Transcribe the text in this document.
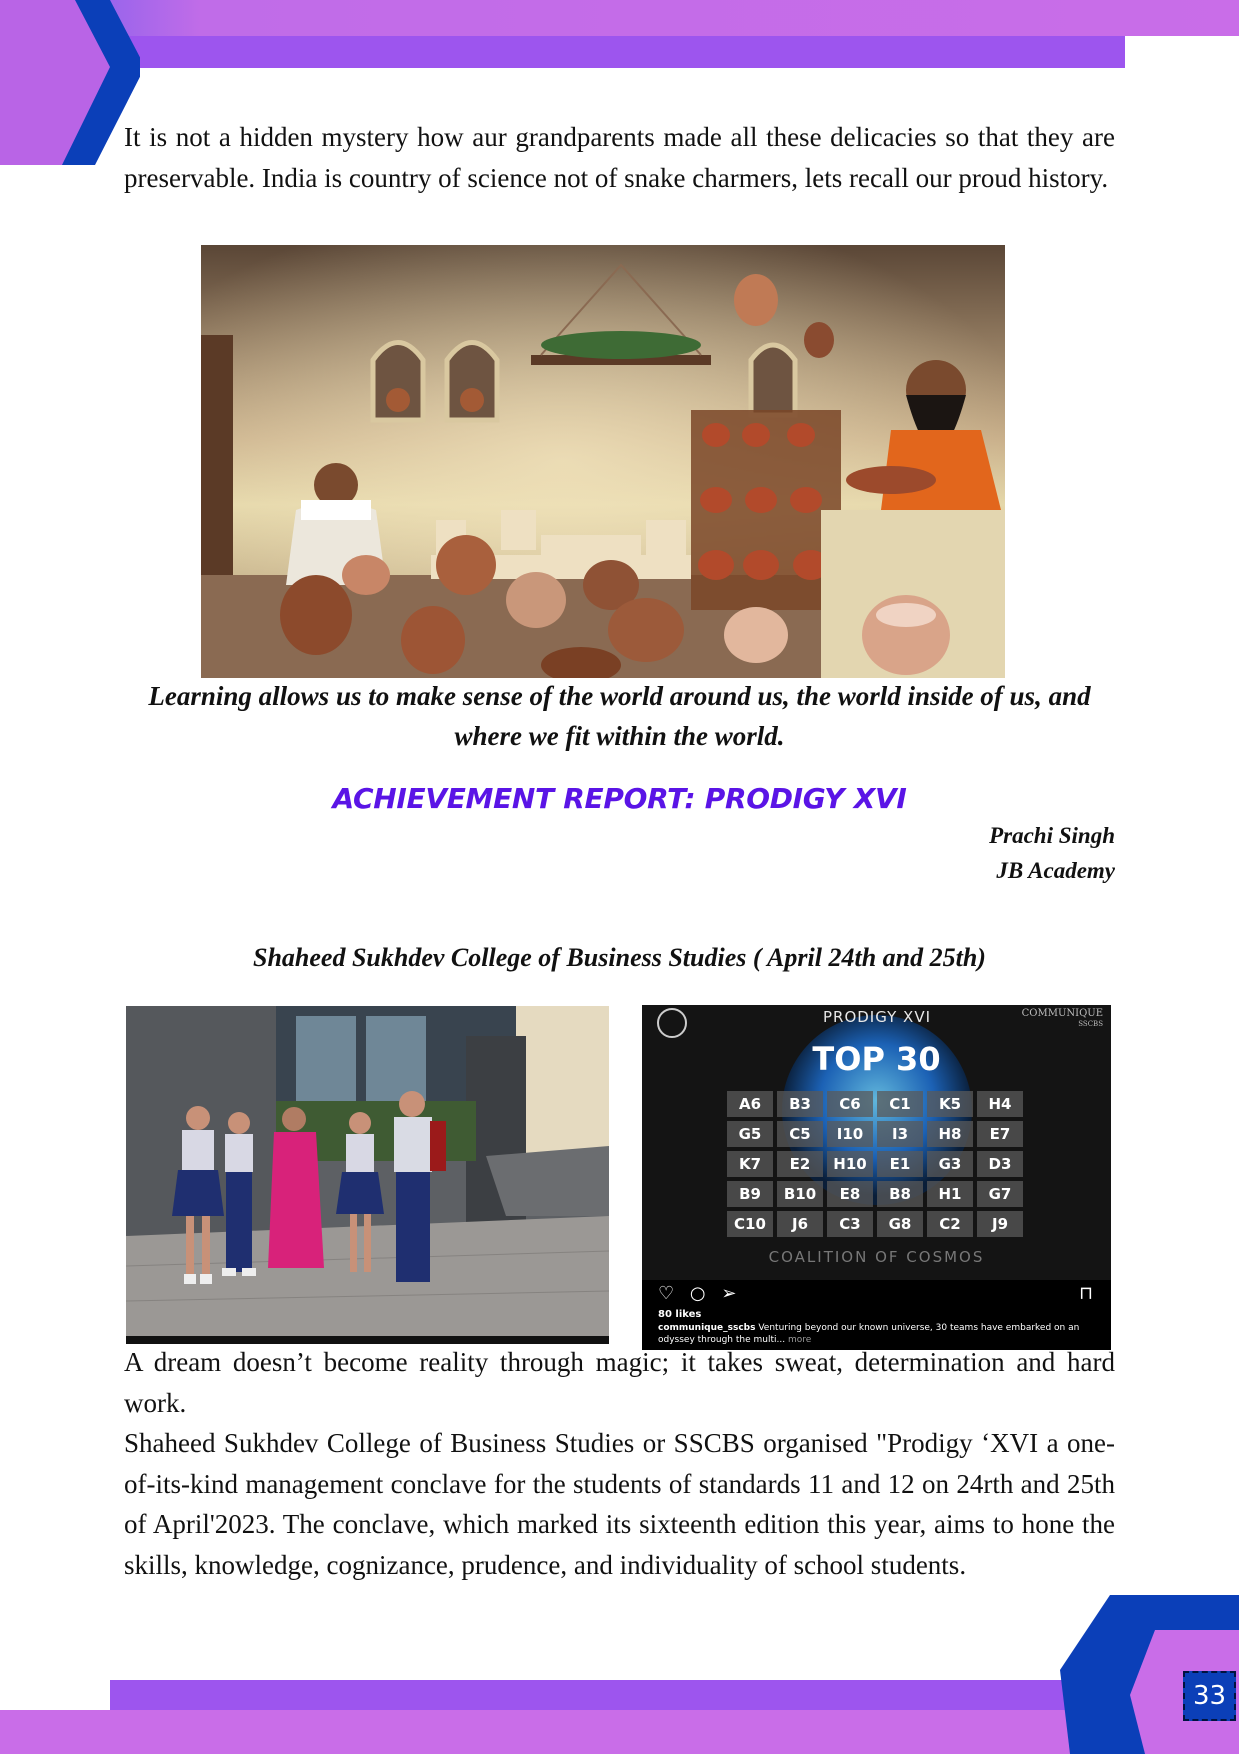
It is not a hidden mystery how aur grandparents made all these delicacies so that they are preservable. India is country of science not of snake charmers, lets recall our proud history.

Learning allows us to make sense of the world around us, the world inside of us, and where we fit within the world.

ACHIEVEMENT REPORT: PRODIGY XVI
Prachi Singh
JB Academy

Shaheed Sukhdev College of Business Studies ( April 24th and 25th)

PRODIGY XVI	COMMUNIQUE
SSCBS
TOP 30
A6	B3	C6	C1	K5	H4
G5	C5	I10	I3	H8	E7
K7	E2	H10	E1	G3	D3
B9	B10	E8	B8	H1	G7
C10	J6	C3	G8	C2	J9
COALITION OF COSMOS
♡ ○ ➢	⊓
80 likes
communique_sscbs Venturing beyond our known universe, 30 teams have embarked on an odyssey through the multi... more

A dream doesn’t become reality through magic; it takes sweat, determination and hard work.

Shaheed Sukhdev College of Business Studies or SSCBS organised "Prodigy ‘XVI a one-of-its-kind management conclave for the students of standards 11 and 12 on 24rth and 25th of April'2023. The conclave, which marked its sixteenth edition this year, aims to hone the skills, knowledge, cognizance, prudence, and individuality of school students.

33
